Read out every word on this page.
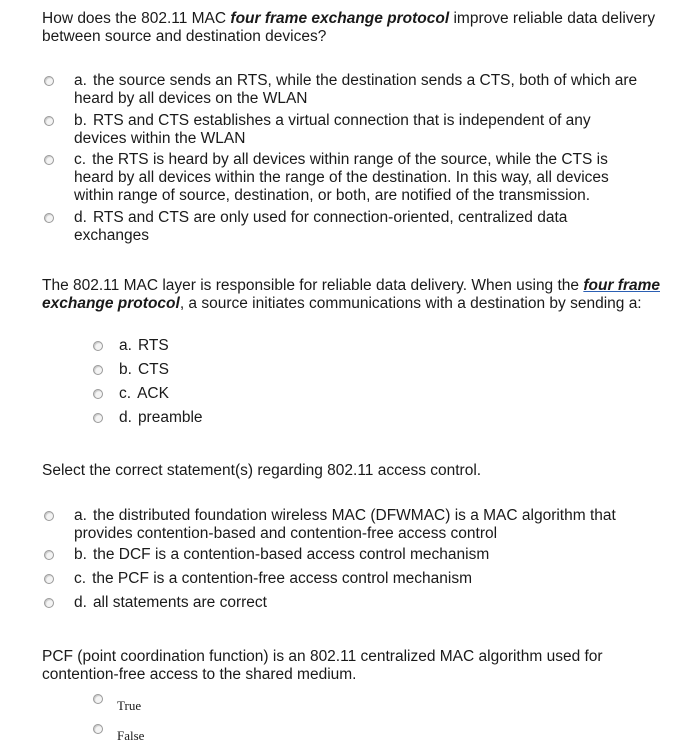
How does the 802.11 MAC four frame exchange protocol improve reliable data delivery between source and destination devices?
a. the source sends an RTS, while the destination sends a CTS, both of which are heard by all devices on the WLAN
b. RTS and CTS establishes a virtual connection that is independent of any devices within the WLAN
c. the RTS is heard by all devices within range of the source, while the CTS is heard by all devices within the range of the destination. In this way, all devices within range of source, destination, or both, are notified of the transmission.
d. RTS and CTS are only used for connection-oriented, centralized data exchanges
The 802.11 MAC layer is responsible for reliable data delivery. When using the four frame exchange protocol, a source initiates communications with a destination by sending a:
a. RTS
b. CTS
c. ACK
d. preamble
Select the correct statement(s) regarding 802.11 access control.
a. the distributed foundation wireless MAC (DFWMAC) is a MAC algorithm that provides contention-based and contention-free access control
b. the DCF is a contention-based access control mechanism
c. the PCF is a contention-free access control mechanism
d. all statements are correct
PCF (point coordination function) is an 802.11 centralized MAC algorithm used for contention-free access to the shared medium.
True
False
